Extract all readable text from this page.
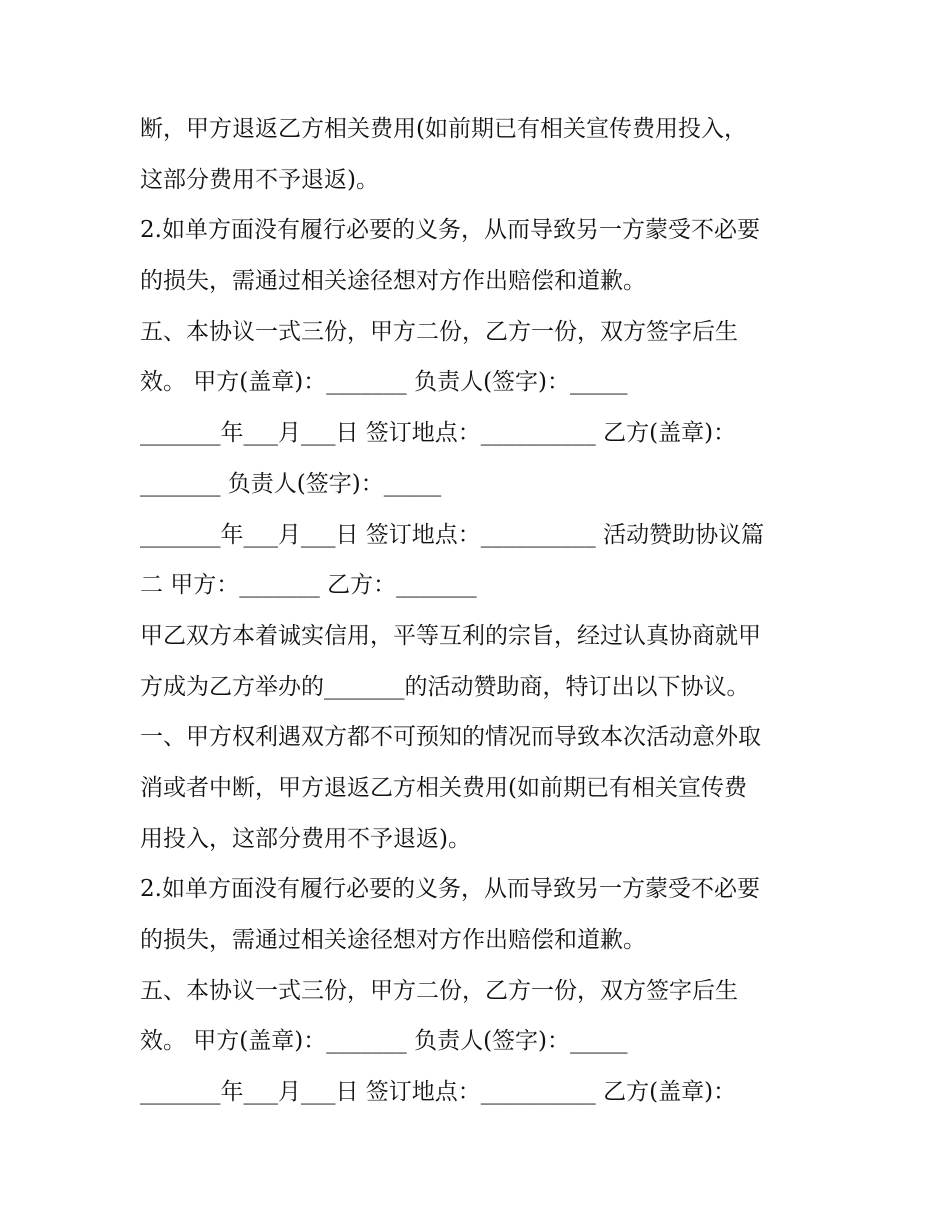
断，甲方退返乙方相关费用(如前期已有相关宣传费用投入，
这部分费用不予退返)。
2.如单方面没有履行必要的义务，从而导致另一方蒙受不必要
的损失，需通过相关途径想对方作出赔偿和道歉。
五、本协议一式三份，甲方二份，乙方一份，双方签字后生
效。 甲方(盖章)：_______ 负责人(签字)：_____
_______年___月___日 签订地点：__________ 乙方(盖章)：
_______ 负责人(签字)：_____
_______年___月___日 签订地点：__________ 活动赞助协议篇
二 甲方：_______ 乙方：_______
甲乙双方本着诚实信用，平等互利的宗旨，经过认真协商就甲
方成为乙方举办的_______的活动赞助商，特订出以下协议。
一、甲方权利遇双方都不可预知的情况而导致本次活动意外取
消或者中断，甲方退返乙方相关费用(如前期已有相关宣传费
用投入，这部分费用不予退返)。
2.如单方面没有履行必要的义务，从而导致另一方蒙受不必要
的损失，需通过相关途径想对方作出赔偿和道歉。
五、本协议一式三份，甲方二份，乙方一份，双方签字后生
效。 甲方(盖章)：_______ 负责人(签字)：_____
_______年___月___日 签订地点：__________ 乙方(盖章)：
